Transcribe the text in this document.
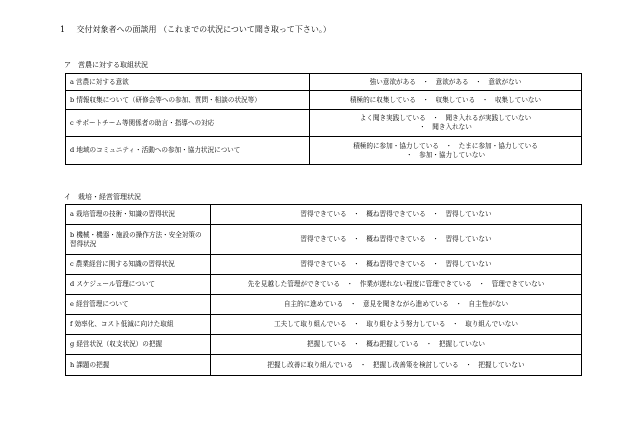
1 交付対象者への面談用 （これまでの状況について聞き取って下さい。）
ア　営農に対する取組状況
a 営農に対する意欲	強い意欲がある　・　意欲がある　・　意欲がない

b 情報収集について（研修会等への参加、質問・相談の状況等）	積極的に収集している　・　収集している　・　収集していない

c サポートチーム等関係者の助言・指導への対応	よく聞き実践している　・　聞き入れるが実践していない
・　聞き入れない

d 地域のコミュニティ・活動への参加・協力状況について	積極的に参加・協力している　・　たまに参加・協力している
・　参加・協力していない
イ　栽培・経営管理状況
a 栽培管理の技術・知識の習得状況	習得できている　・　概ね習得できている　・　習得していない
b 機械・機器・施設の操作方法・安全対策の習得状況	習得できている　・　概ね習得できている　・　習得していない
c 農業経営に関する知識の習得状況	習得できている　・　概ね習得できている　・　習得していない
d スケジュール管理について	先を見越した管理ができている　・　作業が遅れない程度に管理できている　・　管理できていない
e 経営管理について	自主的に進めている　・　意見を聞きながら進めている　・　自主性がない
f 効率化、コスト低減に向けた取組	工夫して取り組んでいる　・　取り組むよう努力している　・　取り組んでいない
g 経営状況（収支状況）の把握	把握している　・　概ね把握している　・　把握していない
h 課題の把握	把握し改善に取り組んでいる　・　把握し改善策を検討している　・　把握していない
